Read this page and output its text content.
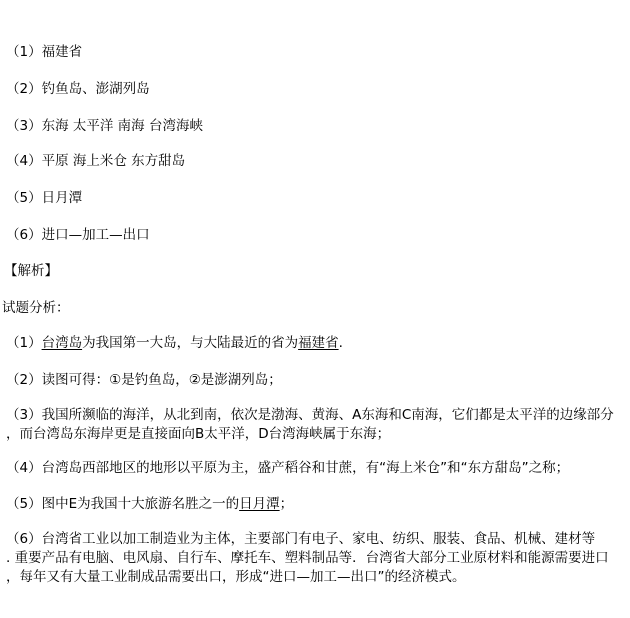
（1）福建省
（2）钓鱼岛、澎湖列岛
（3）东海 太平洋 南海 台湾海峡
（4）平原 海上米仓 东方甜岛
（5）日月潭
（6）进口—加工—出口
【解析】
试题分析：
（1）台湾岛为我国第一大岛，与大陆最近的省为福建省.
（2）读图可得：①是钓鱼岛，②是澎湖列岛；
（3）我国所濒临的海洋，从北到南，依次是渤海、黄海、A东海和C南海，它们都是太平洋的边缘部分
，而台湾岛东海岸更是直接面向B太平洋，D台湾海峡属于东海；
（4）台湾岛西部地区的地形以平原为主，盛产稻谷和甘蔗，有“海上米仓”和“东方甜岛”之称；
（5）图中E为我国十大旅游名胜之一的日月潭；
（6）台湾省工业以加工制造业为主体，主要部门有电子、家电、纺织、服装、食品、机械、建材等
. 重要产品有电脑、电风扇、自行车、摩托车、塑料制品等．台湾省大部分工业原材料和能源需要进口
，每年又有大量工业制成品需要出口，形成“进口—加工—出口”的经济模式。
